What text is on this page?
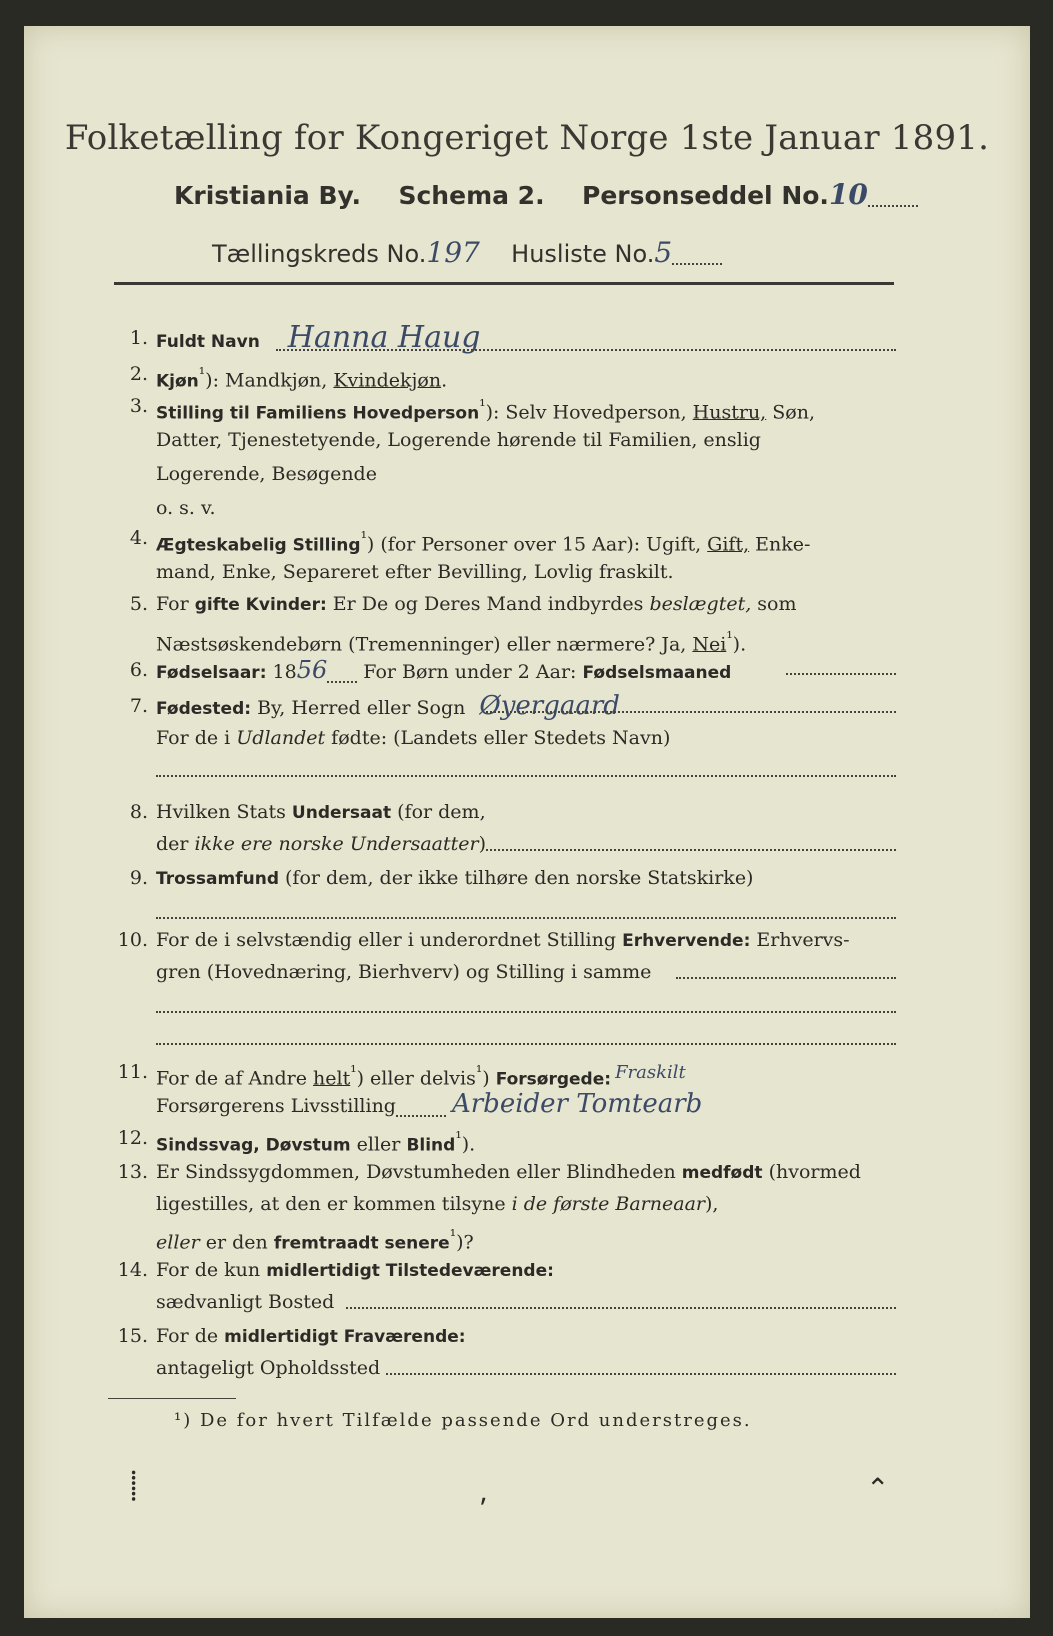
Folketælling for Kongeriget Norge 1ste Januar 1891.
Kristiania By. Schema 2. Personseddel No.10
Tællingskreds No.197 Husliste No.5
1. Fuldt Navn Hanna Haug
2. Kjøn$^{^1}$): Mandkjøn, Kvindekjøn.
3. Stilling til Familiens Hovedperson$^{^1}$): Selv Hovedperson, Hustru, Søn,
Datter, Tjenestetyende, Logerende hørende til Familien, enslig
Logerende, Besøgende
o. s. v.
4. Ægteskabelig Stilling$^{^1}$) (for Personer over 15 Aar): Ugift, Gift, Enke-
mand, Enke, Separeret efter Bevilling, Lovlig fraskilt.
5. For gifte Kvinder: Er De og Deres Mand indbyrdes beslægtet, som
Næstsøskendebørn (Tremenninger) eller nærmere? Ja, Nei$^{^1}$).
6. Fødselsaar: 1856 For Børn under 2 Aar: Fødselsmaaned
7. Fødested: By, Herred eller Sogn Øyergaard
For de i Udlandet fødte: (Landets eller Stedets Navn)
8. Hvilken Stats Undersaat (for dem,
der ikke ere norske Undersaatter)
9. Trossamfund (for dem, der ikke tilhøre den norske Statskirke)
10. For de i selvstændig eller i underordnet Stilling Erhvervende: Erhvervs-
gren (Hovednæring, Bierhverv) og Stilling i samme
11. For de af Andre helt$^{^1}$) eller delvis$^{^1}$) Forsørgede: Fraskilt
Forsørgerens Livsstilling Arbeider Tomtearb
12. Sindssvag, Døvstum eller Blind$^{^1}$).
13. Er Sindssygdommen, Døvstumheden eller Blindheden medfødt (hvormed
ligestilles, at den er kommen tilsyne i de første Barneaar),
eller er den fremtraadt senere$^{^1}$)?
14. For de kun midlertidigt Tilstedeværende:
sædvanligt Bosted
15. For de midlertidigt Fraværende:
antageligt Opholdssted
¹) De for hvert Tilfælde passende Ord understreges.
⸽	⸴	⌃
